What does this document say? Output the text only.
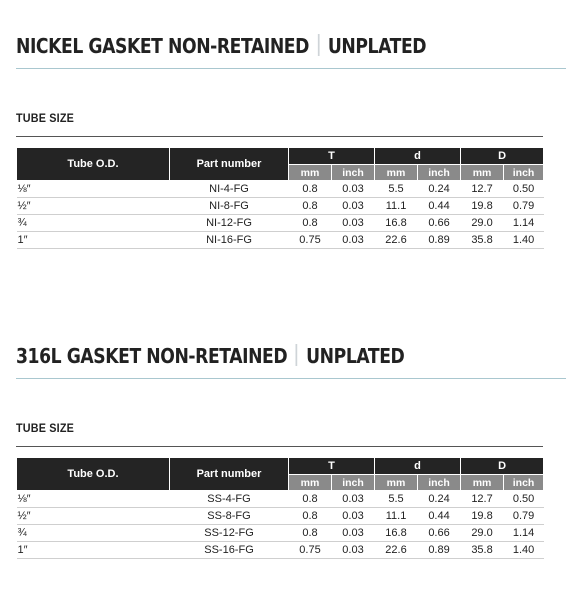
NICKEL GASKET NON-RETAINED UNPLATED
TUBE SIZE
Tube O.D.	Part number	T		d		D	
		mm	inch	mm	inch	mm	inch
⅛″	NI-4-FG	0.8	0.03	5.5	0.24	12.7	0.50
½″	NI-8-FG	0.8	0.03	11.1	0.44	19.8	0.79
¾	NI-12-FG	0.8	0.03	16.8	0.66	29.0	1.14
1″	NI-16-FG	0.75	0.03	22.6	0.89	35.8	1.40
316L GASKET NON-RETAINED UNPLATED
TUBE SIZE
Tube O.D.	Part number	T		d		D	
		mm	inch	mm	inch	mm	inch
⅛″	SS-4-FG	0.8	0.03	5.5	0.24	12.7	0.50
½″	SS-8-FG	0.8	0.03	11.1	0.44	19.8	0.79
¾	SS-12-FG	0.8	0.03	16.8	0.66	29.0	1.14
1″	SS-16-FG	0.75	0.03	22.6	0.89	35.8	1.40
